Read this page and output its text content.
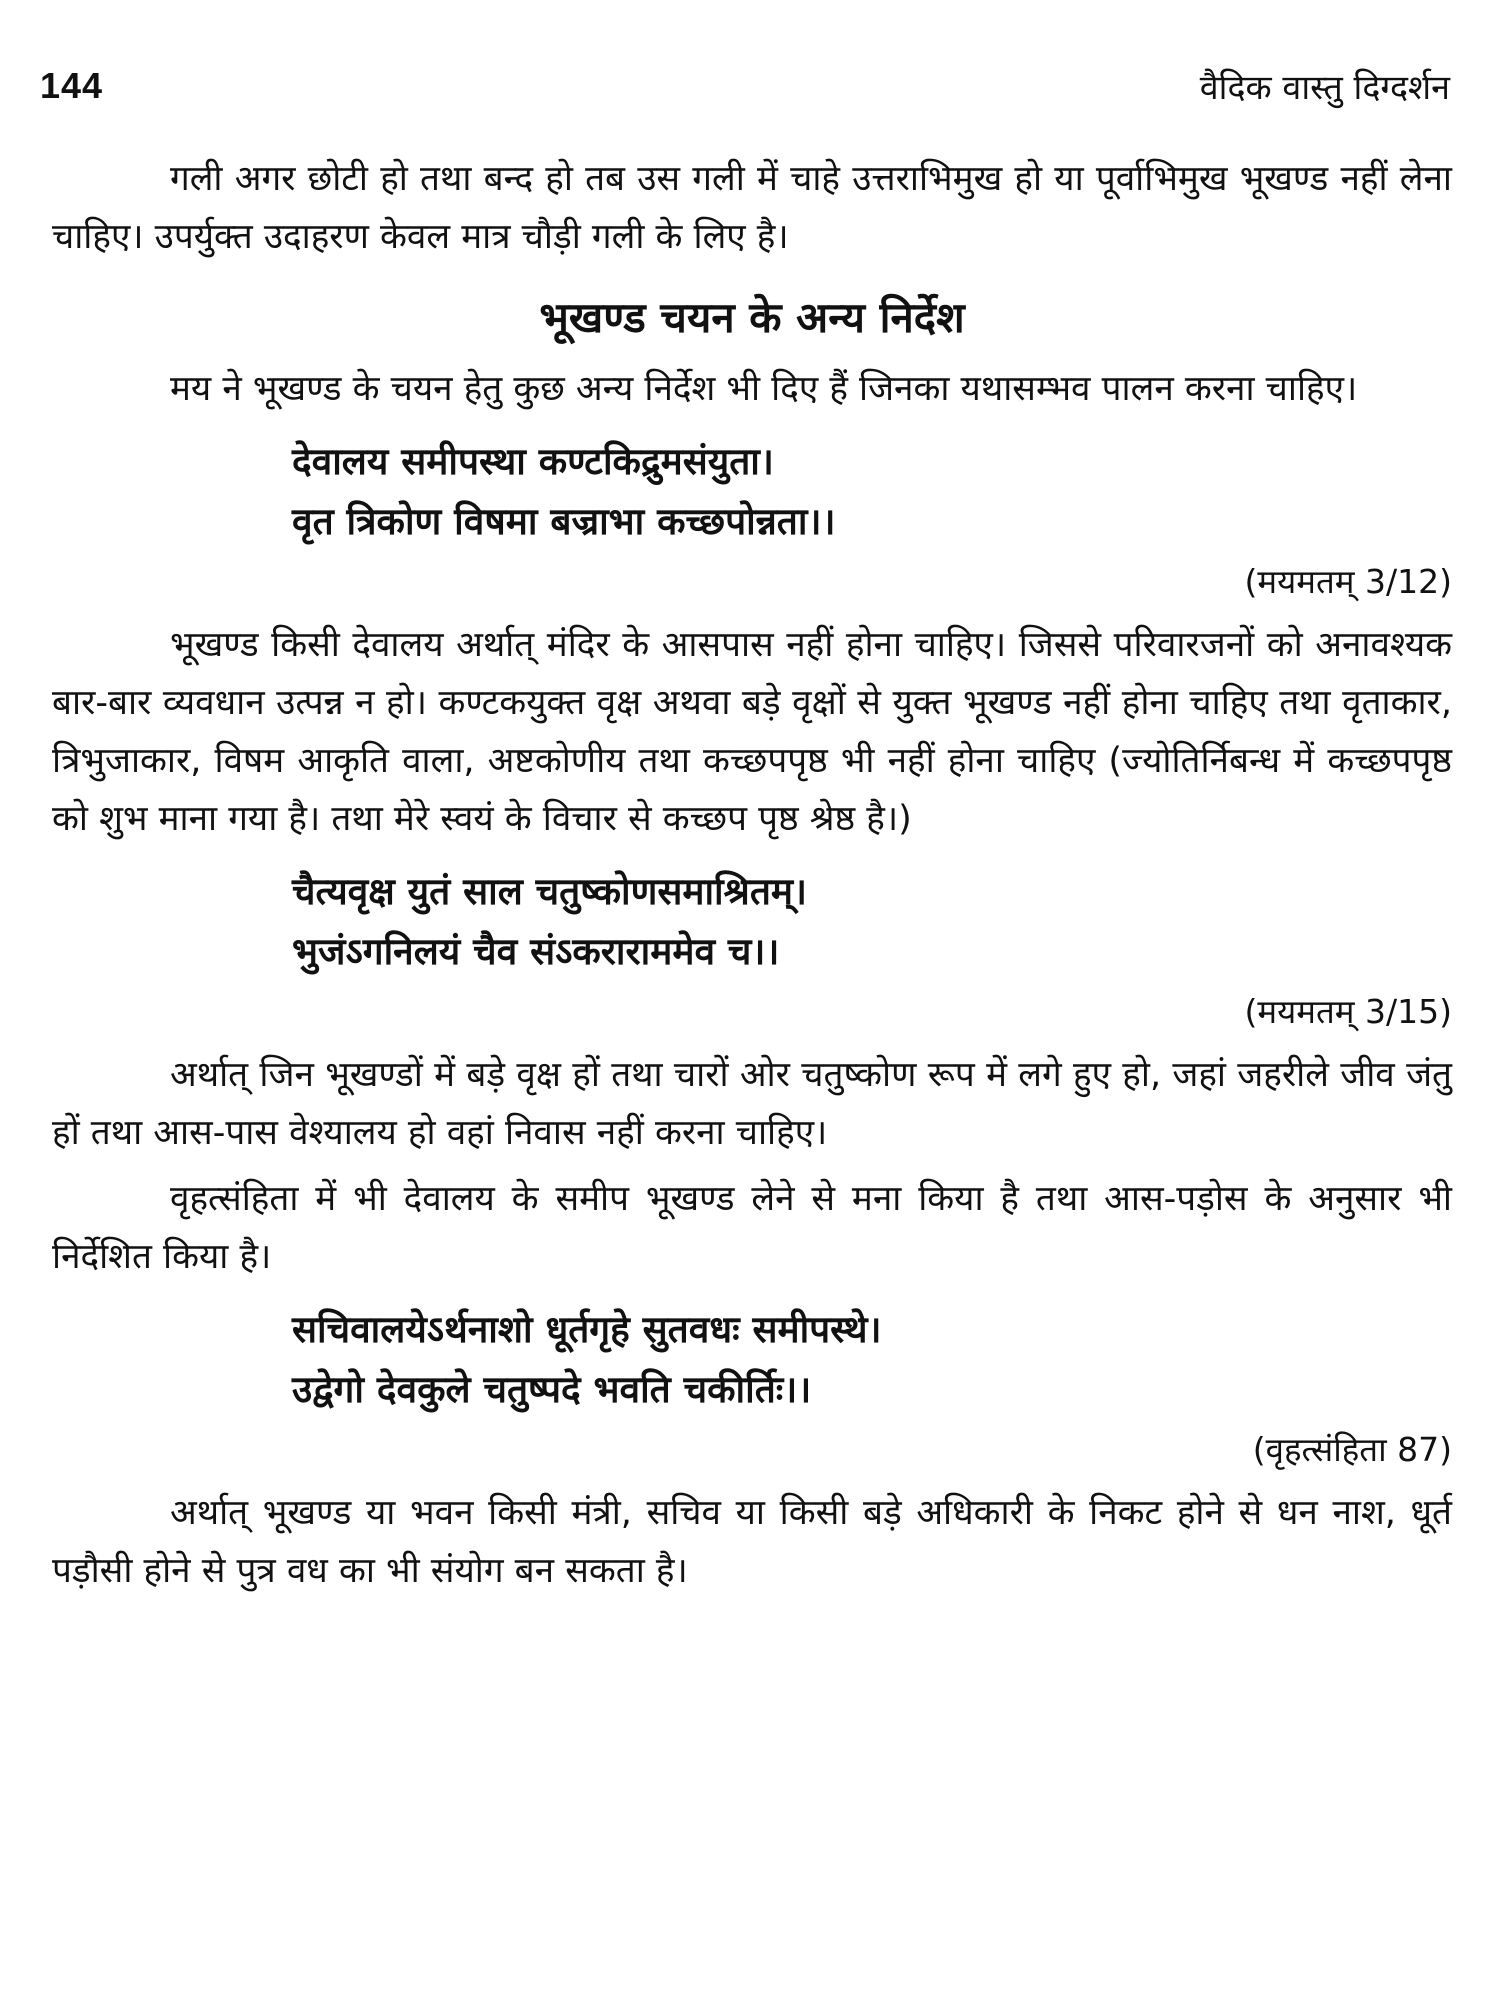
144	वैदिक वास्तु दिग्दर्शन

गली अगर छोटी हो तथा बन्द हो तब उस गली में चाहे उत्तराभिमुख हो या पूर्वाभिमुख भूखण्ड नहीं लेना चाहिए। उपर्युक्त उदाहरण केवल मात्र चौड़ी गली के लिए है।

भूखण्ड चयन के अन्य निर्देश

मय ने भूखण्ड के चयन हेतु कुछ अन्य निर्देश भी दिए हैं जिनका यथासम्भव पालन करना चाहिए।

देवालय समीपस्था कण्टकिद्रुमसंयुता।
वृत त्रिकोण विषमा बज्राभा कच्छपोन्नता।।
(मयमतम् 3/12)

भूखण्ड किसी देवालय अर्थात् मंदिर के आसपास नहीं होना चाहिए। जिससे परिवारजनों को अनावश्यक बार-बार व्यवधान उत्पन्न न हो। कण्टकयुक्त वृक्ष अथवा बड़े वृक्षों से युक्त भूखण्ड नहीं होना चाहिए तथा वृताकार, त्रिभुजाकार, विषम आकृति वाला, अष्टकोणीय तथा कच्छपपृष्ठ भी नहीं होना चाहिए (ज्योतिर्निबन्ध में कच्छपपृष्ठ को शुभ माना गया है। तथा मेरे स्वयं के विचार से कच्छप पृष्ठ श्रेष्ठ है।)

चैत्यवृक्ष युतं साल चतुष्कोणसमाश्रितम्।
भुजंऽगनिलयं चैव संऽकराराममेव च।।
(मयमतम् 3/15)

अर्थात् जिन भूखण्डों में बड़े वृक्ष हों तथा चारों ओर चतुष्कोण रूप में लगे हुए हो, जहां जहरीले जीव जंतु हों तथा आस-पास वेश्यालय हो वहां निवास नहीं करना चाहिए।

वृहत्संहिता में भी देवालय के समीप भूखण्ड लेने से मना किया है तथा आस-पड़ोस के अनुसार भी निर्देशित किया है।

सचिवालयेऽर्थनाशो धूर्तगृहे सुतवधः समीपस्थे।
उद्वेगो देवकुले चतुष्पदे भवति चकीर्तिः।।
(वृहत्संहिता 87)

अर्थात् भूखण्ड या भवन किसी मंत्री, सचिव या किसी बड़े अधिकारी के निकट होने से धन नाश, धूर्त पड़ौसी होने से पुत्र वध का भी संयोग बन सकता है।
